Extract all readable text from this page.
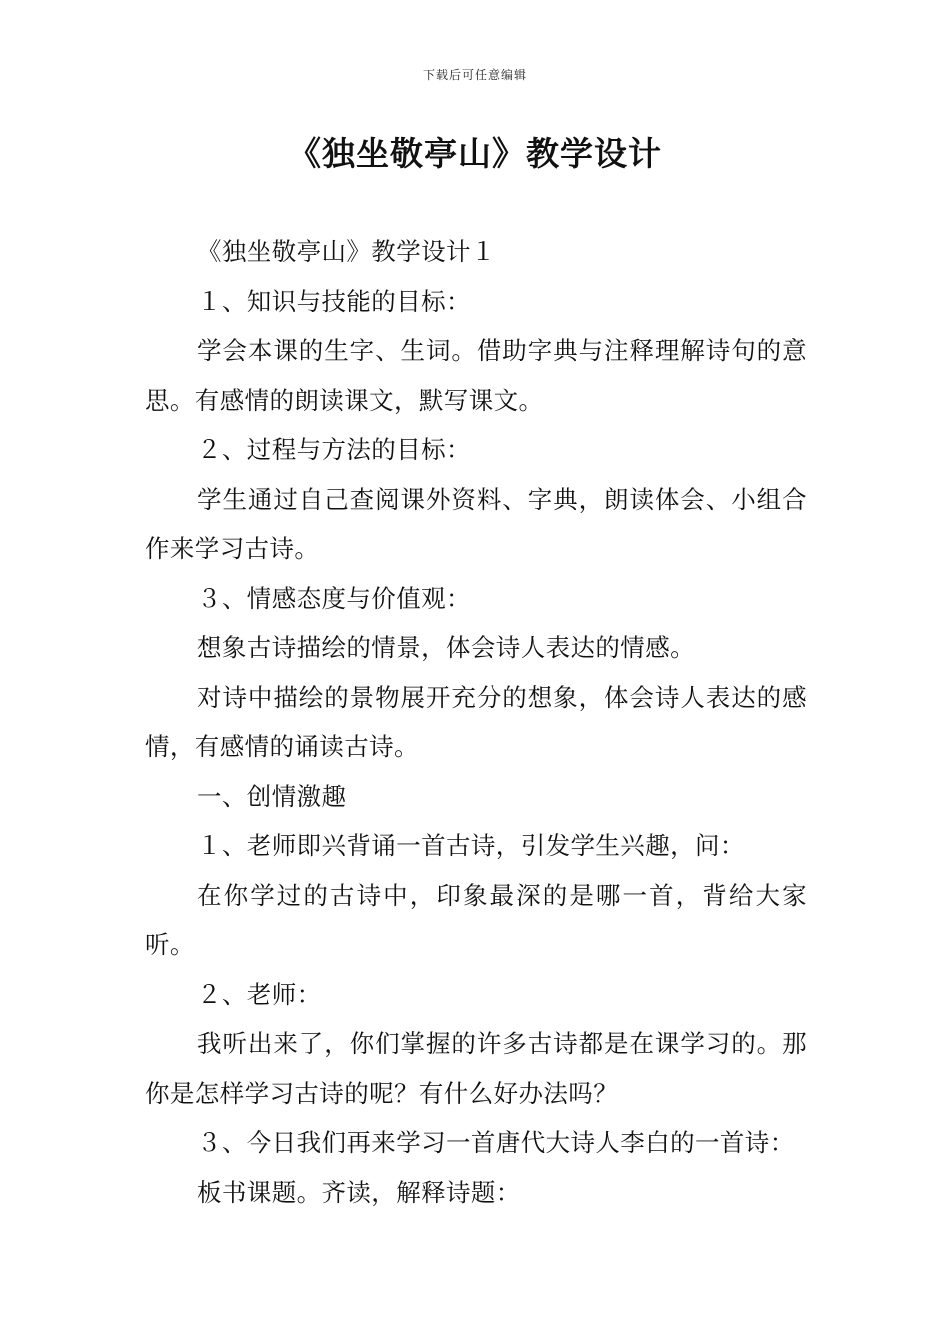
下载后可任意编辑
《独坐敬亭山》教学设计

《独坐敬亭山》教学设计１

１、知识与技能的目标：

学会本课的生字、生词。借助字典与注释理解诗句的意思。有感情的朗读课文，默写课文。

２、过程与方法的目标：

学生通过自己查阅课外资料、字典，朗读体会、小组合作来学习古诗。

３、情感态度与价值观：

想象古诗描绘的情景，体会诗人表达的情感。

对诗中描绘的景物展开充分的想象，体会诗人表达的感情，有感情的诵读古诗。

一、创情激趣

１、老师即兴背诵一首古诗，引发学生兴趣，问：

在你学过的古诗中，印象最深的是哪一首，背给大家听。

２、老师：

我听出来了，你们掌握的许多古诗都是在课学习的。那你是怎样学习古诗的呢？有什么好办法吗？

３、今日我们再来学习一首唐代大诗人李白的一首诗：

板书课题。齐读，解释诗题：
